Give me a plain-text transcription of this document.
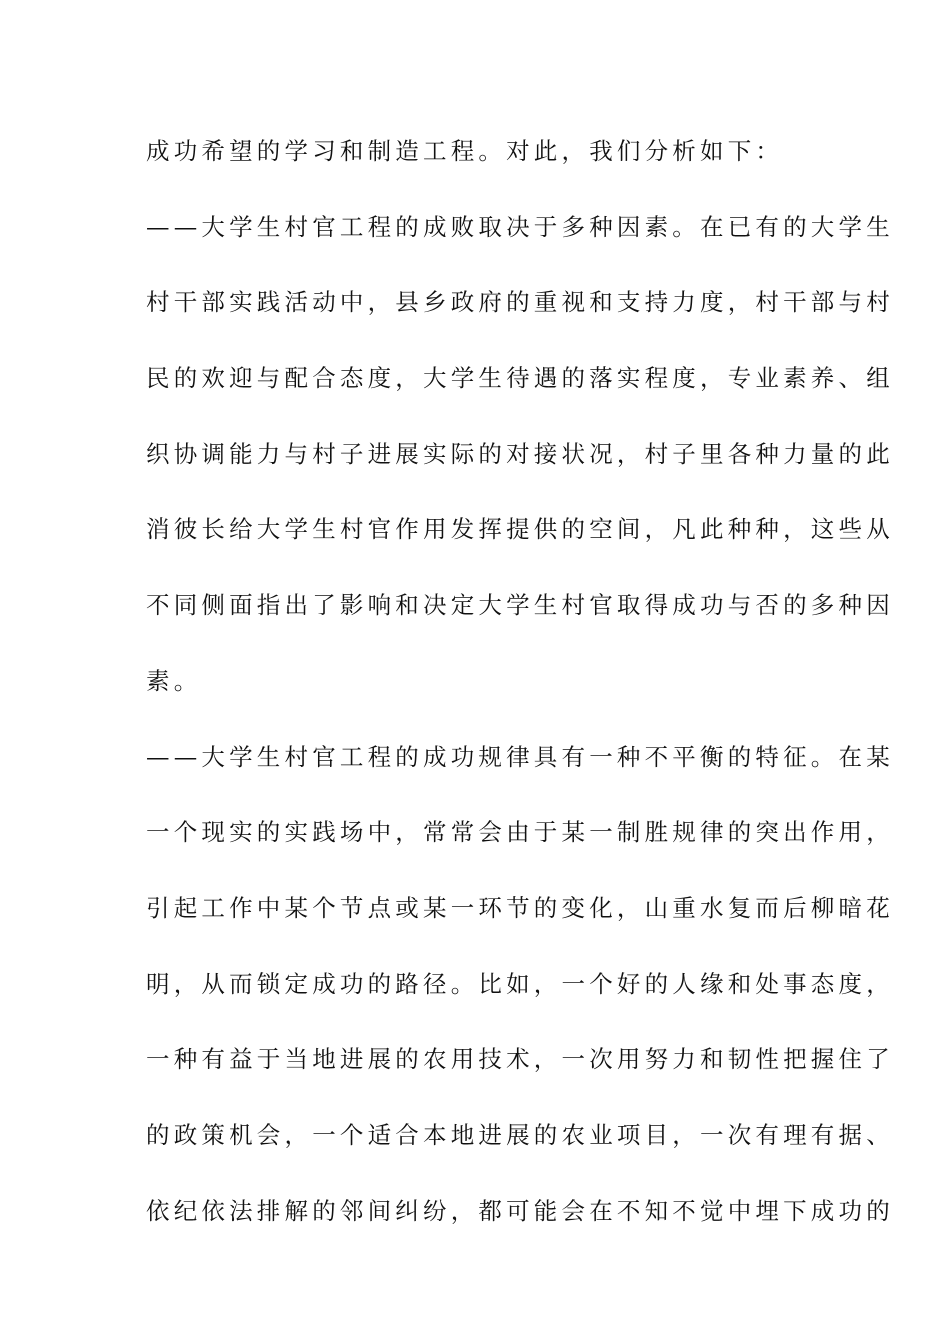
成功希望的学习和制造工程。对此，我们分析如下：
——大学生村官工程的成败取决于多种因素。在已有的大学生
村干部实践活动中，县乡政府的重视和支持力度，村干部与村
民的欢迎与配合态度，大学生待遇的落实程度，专业素养、组
织协调能力与村子进展实际的对接状况，村子里各种力量的此
消彼长给大学生村官作用发挥提供的空间，凡此种种，这些从
不同侧面指出了影响和决定大学生村官取得成功与否的多种因
素。
——大学生村官工程的成功规律具有一种不平衡的特征。在某
一个现实的实践场中，常常会由于某一制胜规律的突出作用，
引起工作中某个节点或某一环节的变化，山重水复而后柳暗花
明，从而锁定成功的路径。比如，一个好的人缘和处事态度，
一种有益于当地进展的农用技术，一次用努力和韧性把握住了
的政策机会，一个适合本地进展的农业项目，一次有理有据、
依纪依法排解的邻间纠纷，都可能会在不知不觉中埋下成功的
